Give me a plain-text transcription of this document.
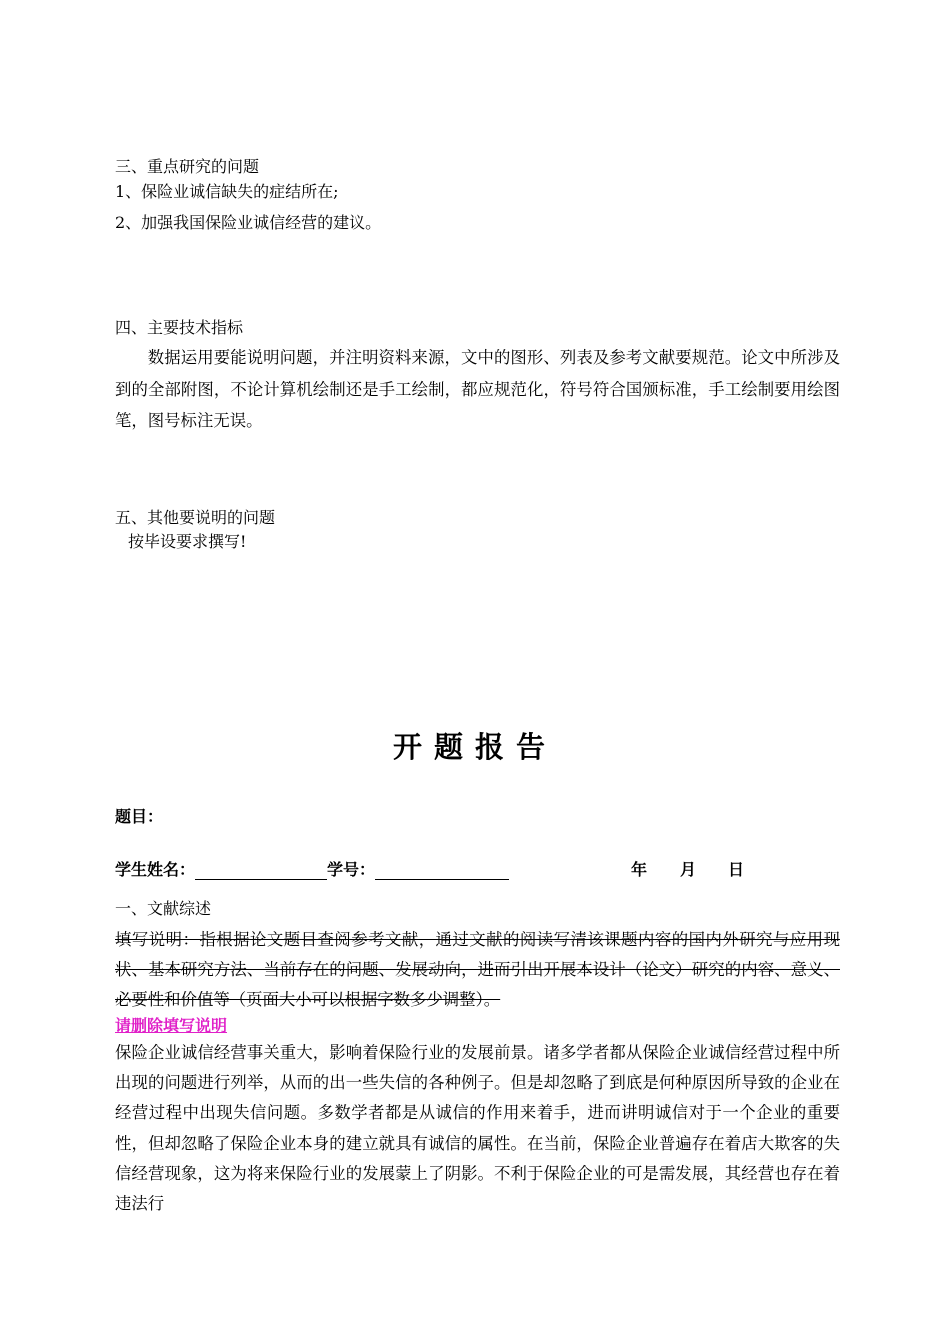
三、重点研究的问题
1、保险业诚信缺失的症结所在;
2、加强我国保险业诚信经营的建议。
四、主要技术指标
数据运用要能说明问题，并注明资料来源，文中的图形、列表及参考文献要规范。论文中所涉及到的全部附图，不论计算机绘制还是手工绘制，都应规范化，符号符合国颁标准，手工绘制要用绘图笔，图号标注无误。
五、其他要说明的问题
按毕设要求撰写!
开题报告
题目：
学生姓名：	学号：	年 月 日
一、文献综述
填写说明：指根据论文题目查阅参考文献，通过文献的阅读写清该课题内容的国内外研究与应用现状、基本研究方法、当前存在的问题、发展动向，进而引出开展本设计（论文）研究的内容、意义、必要性和价值等（页面大小可以根据字数多少调整）。
请删除填写说明
保险企业诚信经营事关重大，影响着保险行业的发展前景。诸多学者都从保险企业诚信经营过程中所出现的问题进行列举，从而的出一些失信的各种例子。但是却忽略了到底是何种原因所导致的企业在经营过程中出现失信问题。多数学者都是从诚信的作用来着手，进而讲明诚信对于一个企业的重要性，但却忽略了保险企业本身的建立就具有诚信的属性。在当前，保险企业普遍存在着店大欺客的失信经营现象，这为将来保险行业的发展蒙上了阴影。不利于保险企业的可是需发展，其经营也存在着违法行
